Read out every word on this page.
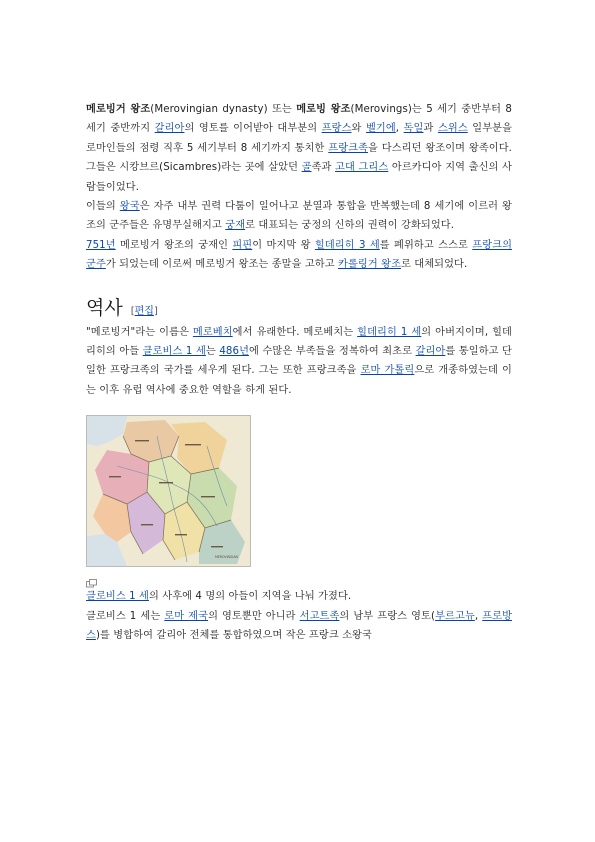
메로빙거 왕조(Merovingian dynasty) 또는 메로빙 왕조(Merovings)는 5 세기 중반부터 8 세기 중반까지 갈리아의 영토를 이어받아 대부분의 프랑스와 벨기에, 독일과 스위스 일부분을 로마인들의 점령 직후 5 세기부터 8 세기까지 통치한 프랑크족을 다스리던 왕조이며 왕족이다. 그들은 시캉브르(Sicambres)라는 곳에 살았던 골족과 고대 그리스 아르카디아 지역 출신의 사람들이었다.

이들의 왕국은 자주 내부 권력 다툼이 일어나고 분열과 통합을 반복했는데 8 세기에 이르러 왕조의 군주들은 유명무실해지고 궁재로 대표되는 궁정의 신하의 권력이 강화되었다.

751년 메로빙거 왕조의 궁재인 피핀이 마지막 왕 힐데리히 3 세를 폐위하고 스스로 프랑크의 군주가 되었는데 이로써 메로빙거 왕조는 종말을 고하고 카롤링거 왕조로 대체되었다.

역사 [편집]

"메로빙거"라는 이름은 메로베치에서 유래한다. 메로베치는 힐데리히 1 세의 아버지이며, 힐데리히의 아들 클로비스 1 세는 486년에 수많은 부족들을 정복하여 최초로 갈리아를 통일하고 단일한 프랑크족의 국가를 세우게 된다. 그는 또한 프랑크족을 로마 가톨릭으로 개종하였는데 이는 이후 유럽 역사에 중요한 역할을 하게 된다.

MEROVINGIAN

클로비스 1 세의 사후에 4 명의 아들이 지역을 나눠 가졌다.

클로비스 1 세는 로마 제국의 영토뿐만 아니라 서고트족의 남부 프랑스 영토(부르고뉴, 프로방스)를 병합하여 갈리아 전체를 통합하였으며 작은 프랑크 소왕국
